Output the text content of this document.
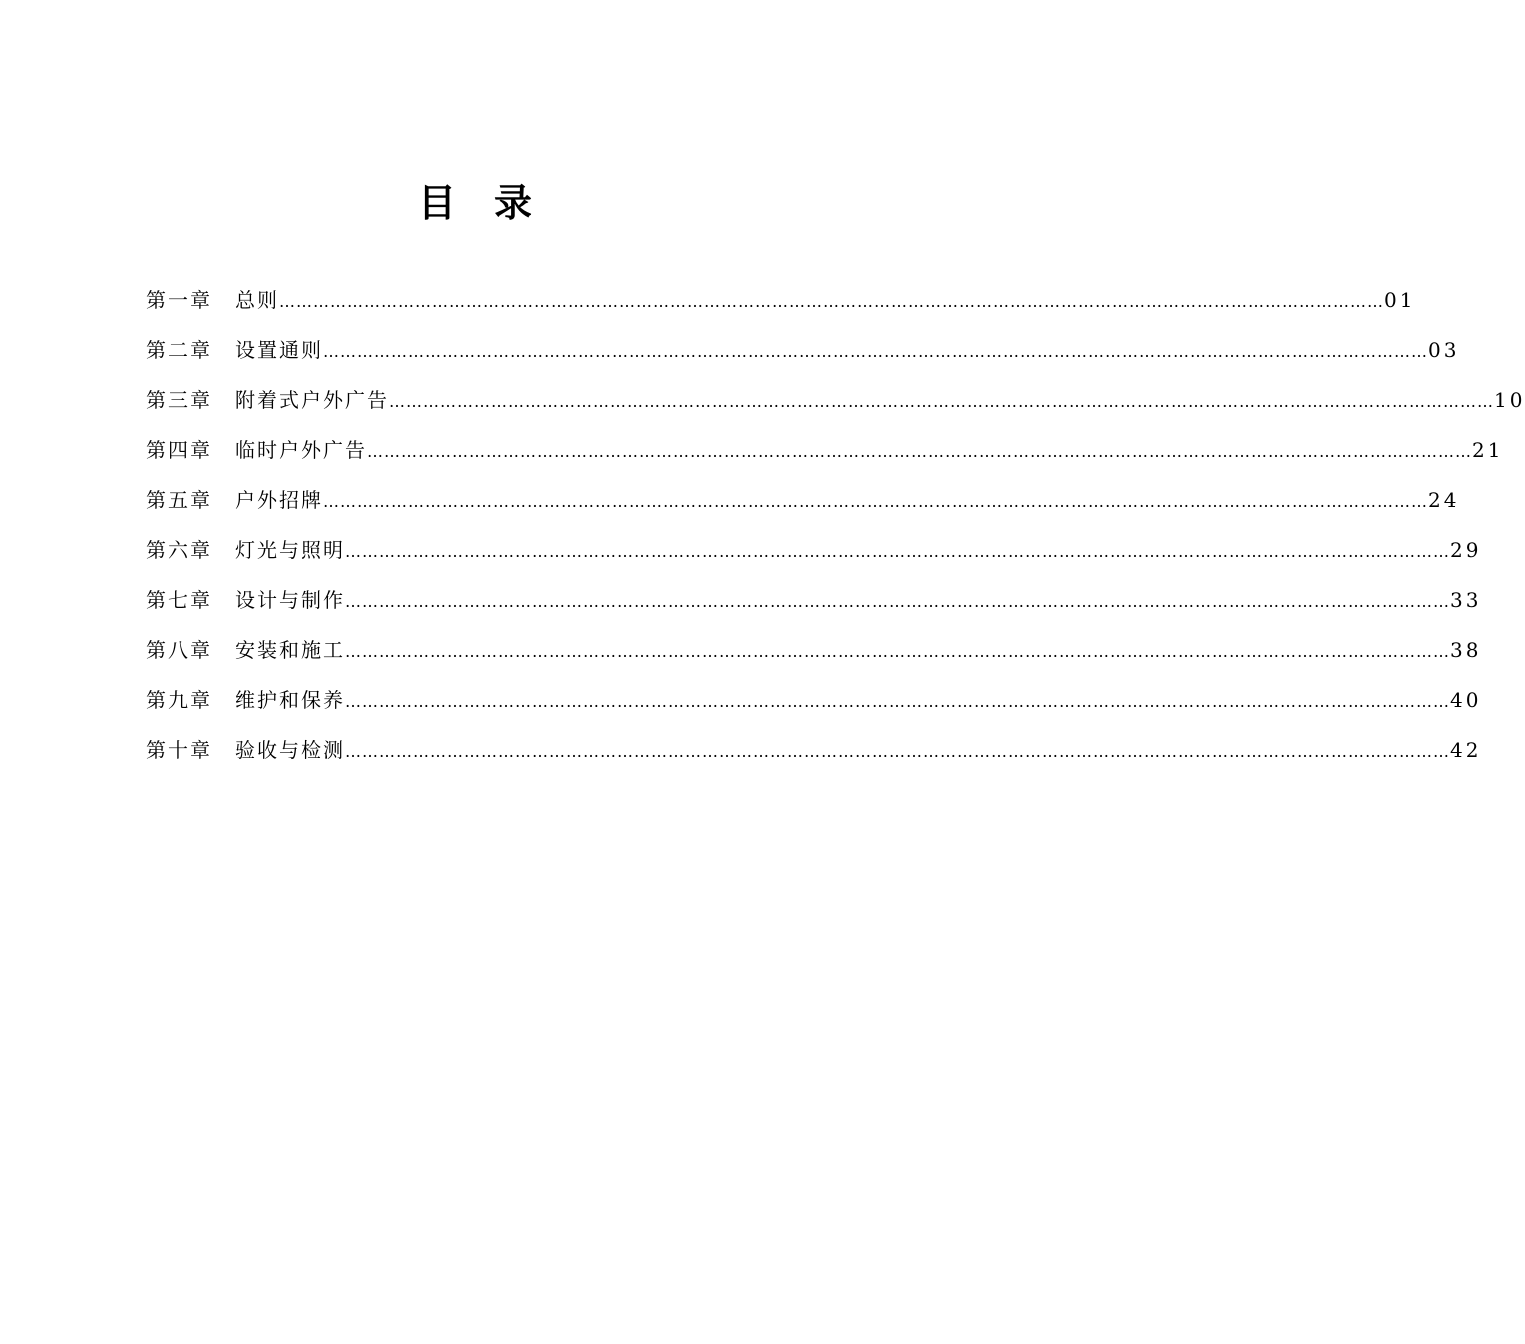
目录
第一章	总则 …………………………………………………………………………………………………………………………………………………………………………… 01
第二章	设置通则 …………………………………………………………………………………………………………………………………………………………………………… 03
第三章	附着式户外广告 …………………………………………………………………………………………………………………………………………………………………………… 10
第四章	临时户外广告 …………………………………………………………………………………………………………………………………………………………………………… 21
第五章	户外招牌 …………………………………………………………………………………………………………………………………………………………………………… 24
第六章	灯光与照明 …………………………………………………………………………………………………………………………………………………………………………… 29
第七章	设计与制作 …………………………………………………………………………………………………………………………………………………………………………… 33
第八章	安装和施工 …………………………………………………………………………………………………………………………………………………………………………… 38
第九章	维护和保养 …………………………………………………………………………………………………………………………………………………………………………… 40
第十章	验收与检测 …………………………………………………………………………………………………………………………………………………………………………… 42
